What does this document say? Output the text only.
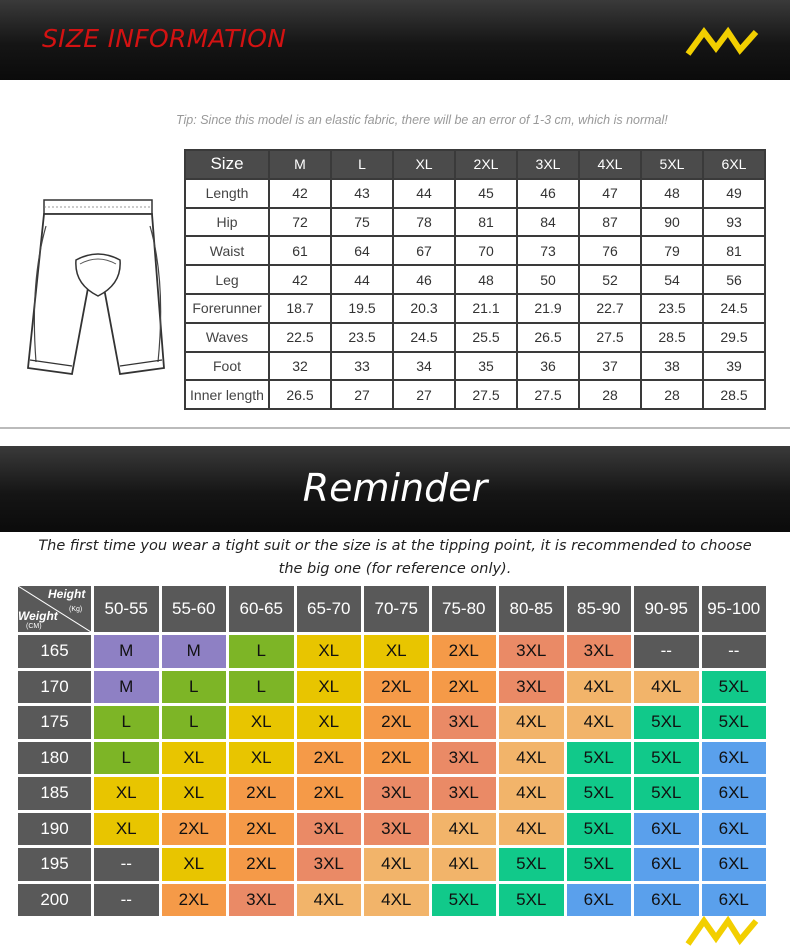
SIZE INFORMATION
Tip: Since this model is an elastic fabric, there will be an error of 1-3 cm, which is normal!
Size	M	L	XL	2XL	3XL	4XL	5XL	6XL
Length	42	43	44	45	46	47	48	49
Hip	72	75	78	81	84	87	90	93
Waist	61	64	67	70	73	76	79	81
Leg	42	44	46	48	50	52	54	56
Forerunner	18.7	19.5	20.3	21.1	21.9	22.7	23.5	24.5
Waves	22.5	23.5	24.5	25.5	26.5	27.5	28.5	29.5
Foot	32	33	34	35	36	37	38	39
Inner length	26.5	27	27	27.5	27.5	28	28	28.5
Reminder
The first time you wear a tight suit or the size is at the tipping point, it is recommended to choose
the big one (for reference only).
Height
(Kg)
Weight
(CM)
50-55	55-60	60-65	65-70	70-75	75-80	80-85	85-90	90-95	95-100
165	M	M	L	XL	XL	2XL	3XL	3XL	--	--
170	M	L	L	XL	2XL	2XL	3XL	4XL	4XL	5XL
175	L	L	XL	XL	2XL	3XL	4XL	4XL	5XL	5XL
180	L	XL	XL	2XL	2XL	3XL	4XL	5XL	5XL	6XL
185	XL	XL	2XL	2XL	3XL	3XL	4XL	5XL	5XL	6XL
190	XL	2XL	2XL	3XL	3XL	4XL	4XL	5XL	6XL	6XL
195	--	XL	2XL	3XL	4XL	4XL	5XL	5XL	6XL	6XL
200	--	2XL	3XL	4XL	4XL	5XL	5XL	6XL	6XL	6XL
